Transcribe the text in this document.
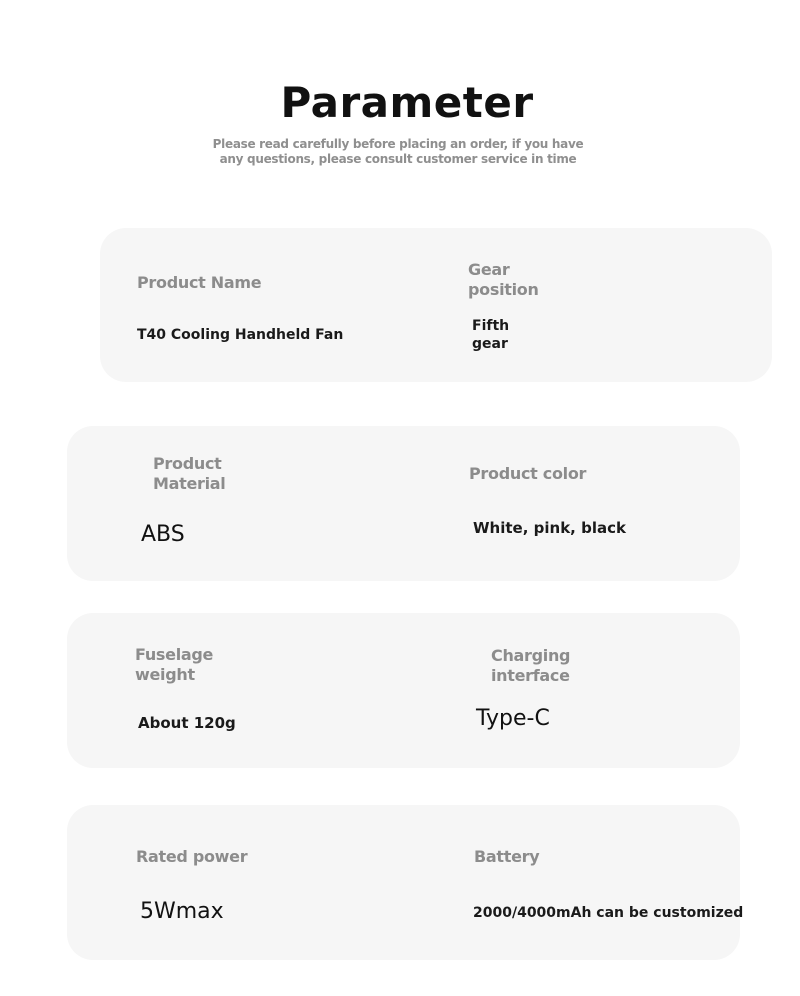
Parameter
Please read carefully before placing an order, if you have
any questions, please consult customer service in time

Product Name

T40 Cooling Handheld Fan

Gear
position
Fifth
gear
Product
Material

ABS

Product color

White, pink, black

Fuselage
weight

About 120g

Charging
interface

Type-C

Rated power

5Wmax

Battery

2000/4000mAh can be customized
